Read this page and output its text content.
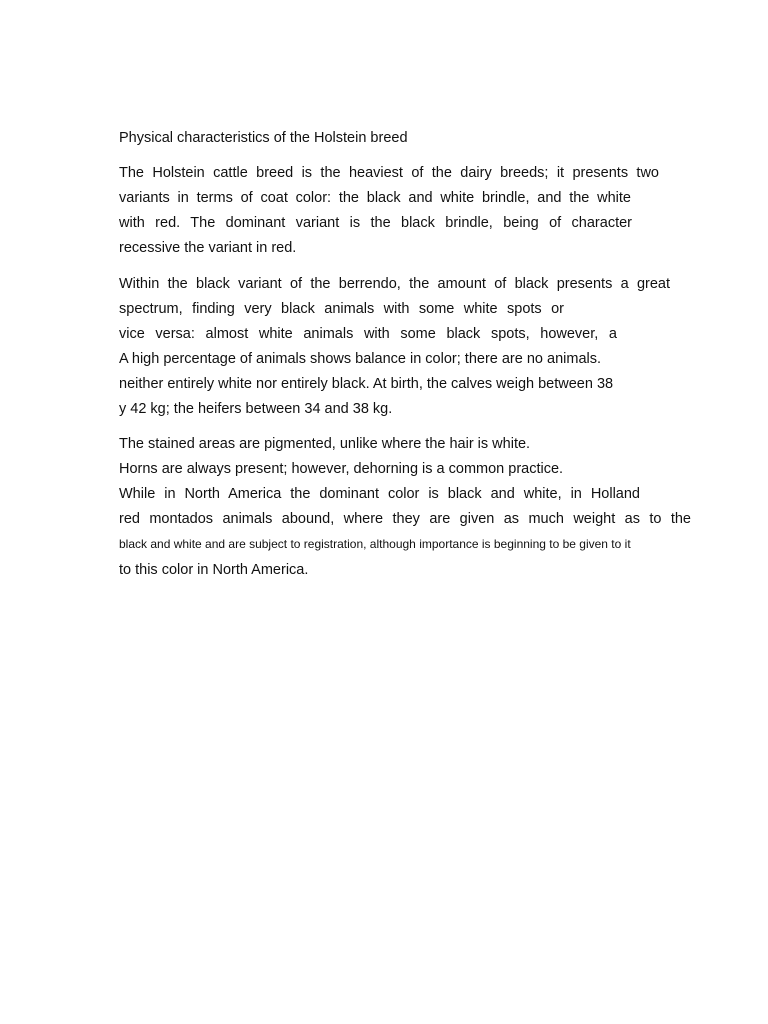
Physical characteristics of the Holstein breed

The Holstein cattle breed is the heaviest of the dairy breeds; it presents two

variants in terms of coat color: the black and white brindle, and the white

with red. The dominant variant is the black brindle, being of character

recessive the variant in red.

Within the black variant of the berrendo, the amount of black presents a great

spectrum, finding very black animals with some white spots or

vice versa: almost white animals with some black spots, however, a

A high percentage of animals shows balance in color; there are no animals.

neither entirely white nor entirely black. At birth, the calves weigh between 38

y 42 kg; the heifers between 34 and 38 kg.

The stained areas are pigmented, unlike where the hair is white.

Horns are always present; however, dehorning is a common practice.

While in North America the dominant color is black and white, in Holland

red montados animals abound, where they are given as much weight as to the

black and white and are subject to registration, although importance is beginning to be given to it

to this color in North America.
